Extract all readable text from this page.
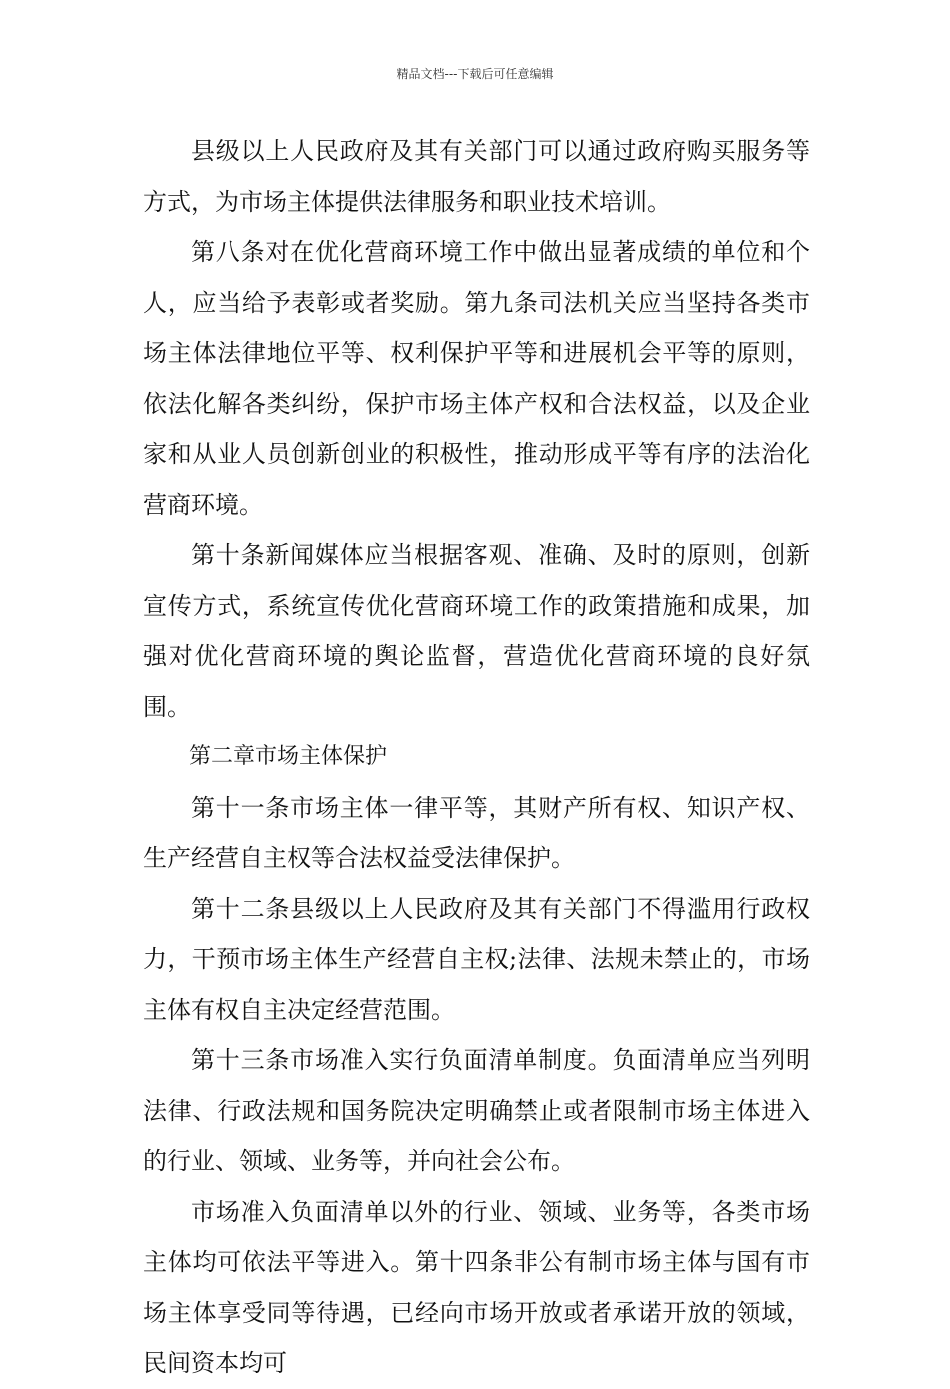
精品文档---下载后可任意编辑

县级以上人民政府及其有关部门可以通过政府购买服务等方式，为市场主体提供法律服务和职业技术培训。

第八条对在优化营商环境工作中做出显著成绩的单位和个人，应当给予表彰或者奖励。第九条司法机关应当坚持各类市场主体法律地位平等、权利保护平等和进展机会平等的原则，依法化解各类纠纷，保护市场主体产权和合法权益，以及企业家和从业人员创新创业的积极性，推动形成平等有序的法治化营商环境。

第十条新闻媒体应当根据客观、准确、及时的原则，创新宣传方式，系统宣传优化营商环境工作的政策措施和成果，加强对优化营商环境的舆论监督，营造优化营商环境的良好氛围。

第二章市场主体保护

第十一条市场主体一律平等，其财产所有权、知识产权、生产经营自主权等合法权益受法律保护。

第十二条县级以上人民政府及其有关部门不得滥用行政权力，干预市场主体生产经营自主权;法律、法规未禁止的，市场主体有权自主决定经营范围。

第十三条市场准入实行负面清单制度。负面清单应当列明法律、行政法规和国务院决定明确禁止或者限制市场主体进入的行业、领域、业务等，并向社会公布。

市场准入负面清单以外的行业、领域、业务等，各类市场主体均可依法平等进入。第十四条非公有制市场主体与国有市场主体享受同等待遇，已经向市场开放或者承诺开放的领域，民间资本均可
